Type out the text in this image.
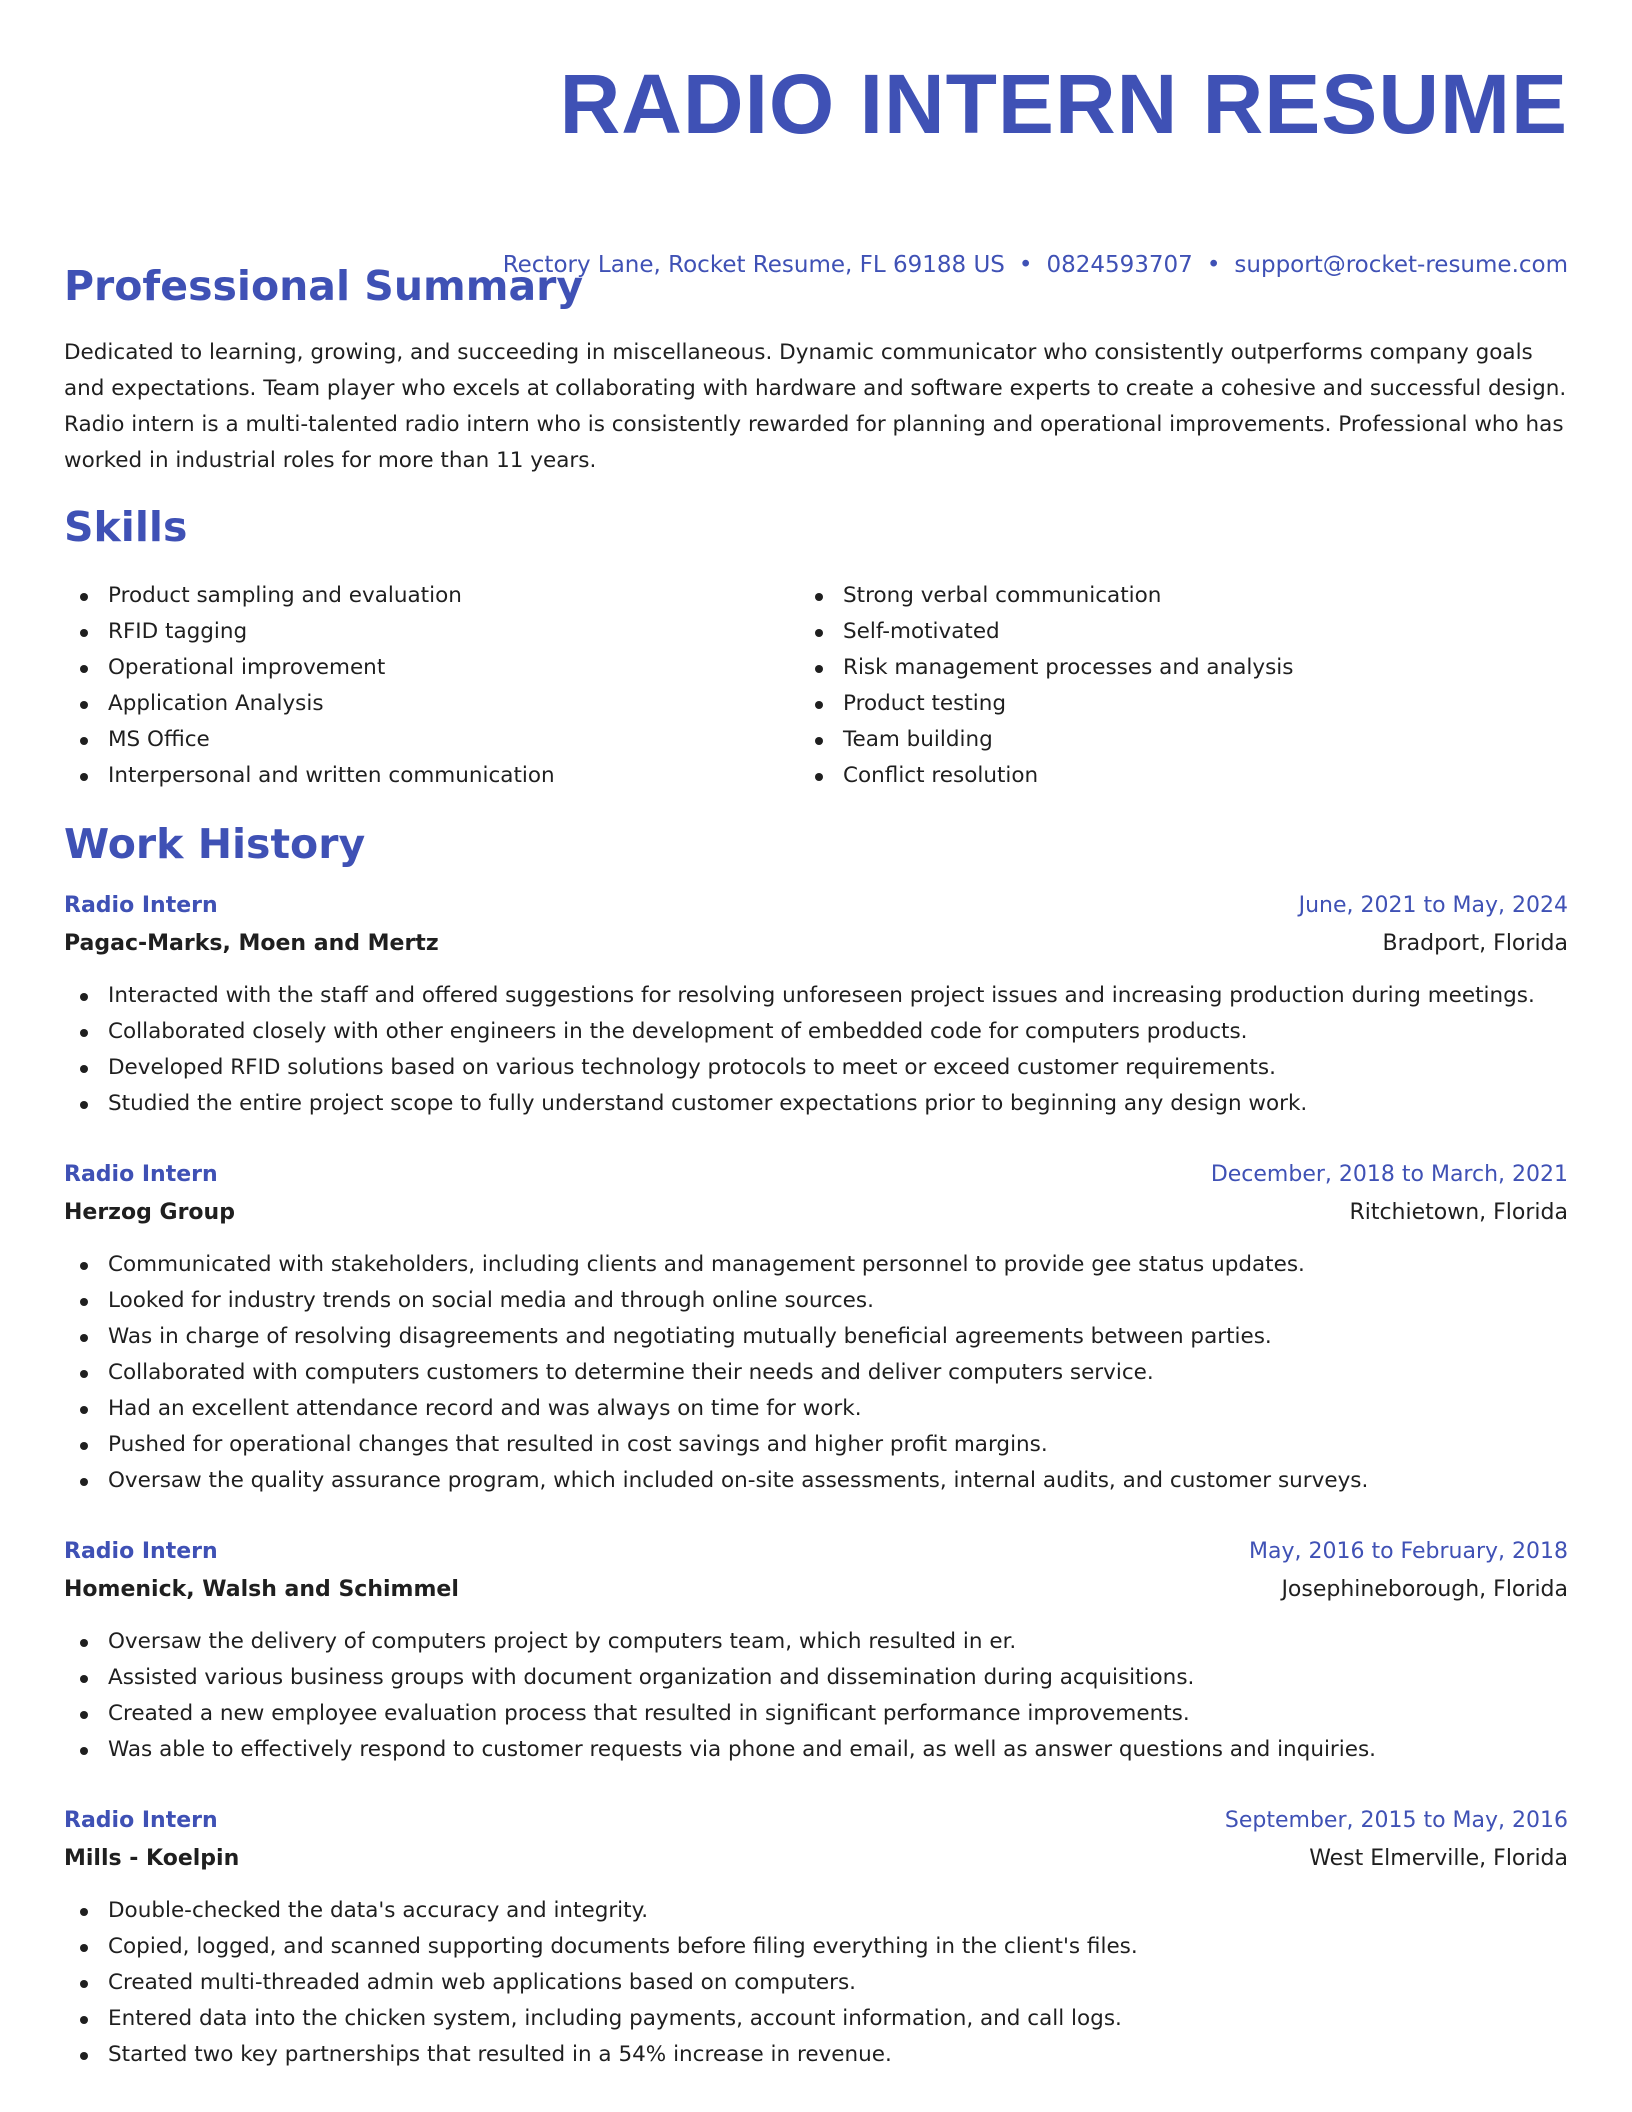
RADIO INTERN RESUME
Rectory Lane, Rocket Resume, FL 69188 US • 0824593707 • support@rocket-resume.com
Professional Summary

Dedicated to learning, growing, and succeeding in miscellaneous. Dynamic communicator who consistently outperforms company goals and expectations. Team player who excels at collaborating with hardware and software experts to create a cohesive and successful design. Radio intern is a multi-talented radio intern who is consistently rewarded for planning and operational improvements. Professional who has worked in industrial roles for more than 11 years.

Skills
Product sampling and evaluation
RFID tagging
Operational improvement
Application Analysis
MS Office
Interpersonal and written communication
Strong verbal communication
Self-motivated
Risk management processes and analysis
Product testing
Team building
Conflict resolution
Work History
Radio Intern	June, 2021 to May, 2024
Pagac-Marks, Moen and Mertz	Bradport, Florida
Interacted with the staff and offered suggestions for resolving unforeseen project issues and increasing production during meetings.
Collaborated closely with other engineers in the development of embedded code for computers products.
Developed RFID solutions based on various technology protocols to meet or exceed customer requirements.
Studied the entire project scope to fully understand customer expectations prior to beginning any design work.
Radio Intern	December, 2018 to March, 2021
Herzog Group	Ritchietown, Florida
Communicated with stakeholders, including clients and management personnel to provide gee status updates.
Looked for industry trends on social media and through online sources.
Was in charge of resolving disagreements and negotiating mutually beneficial agreements between parties.
Collaborated with computers customers to determine their needs and deliver computers service.
Had an excellent attendance record and was always on time for work.
Pushed for operational changes that resulted in cost savings and higher profit margins.
Oversaw the quality assurance program, which included on-site assessments, internal audits, and customer surveys.
Radio Intern	May, 2016 to February, 2018
Homenick, Walsh and Schimmel	Josephineborough, Florida
Oversaw the delivery of computers project by computers team, which resulted in er.
Assisted various business groups with document organization and dissemination during acquisitions.
Created a new employee evaluation process that resulted in significant performance improvements.
Was able to effectively respond to customer requests via phone and email, as well as answer questions and inquiries.
Radio Intern	September, 2015 to May, 2016
Mills - Koelpin	West Elmerville, Florida
Double-checked the data's accuracy and integrity.
Copied, logged, and scanned supporting documents before filing everything in the client's files.
Created multi-threaded admin web applications based on computers.
Entered data into the chicken system, including payments, account information, and call logs.
Started two key partnerships that resulted in a 54% increase in revenue.
